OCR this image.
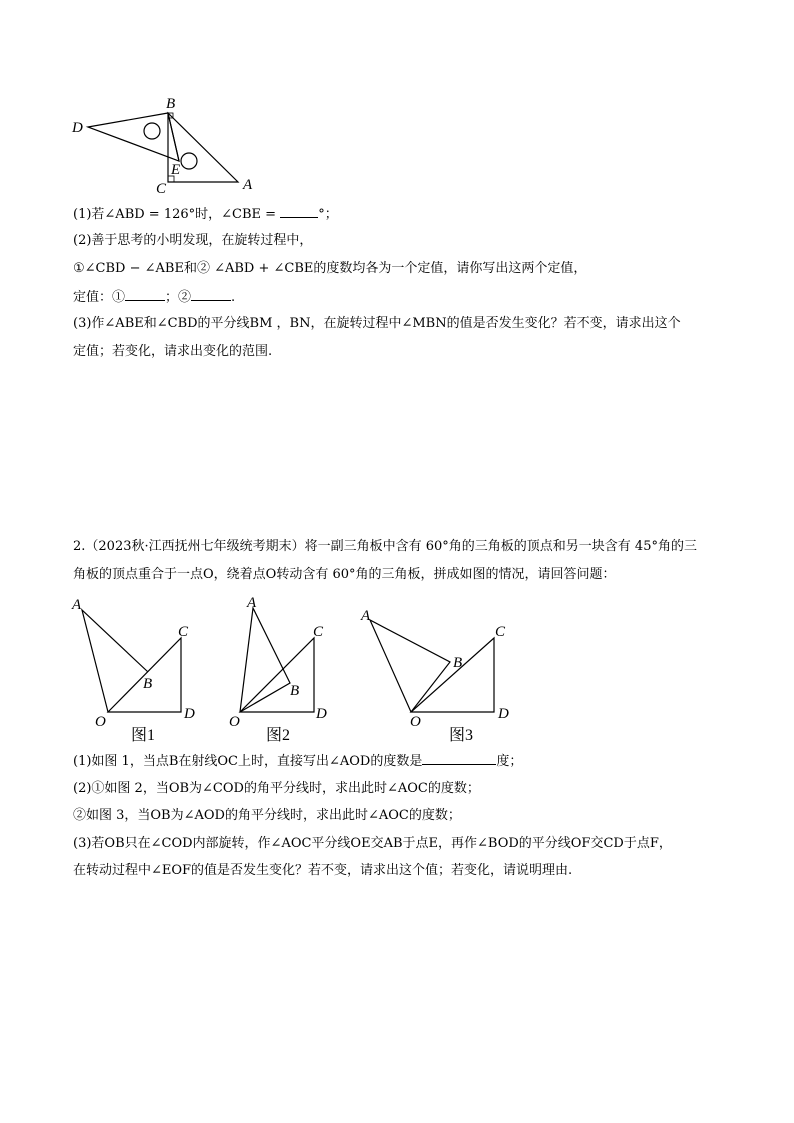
B
D
E
C	A
(1)若∠ABD = 126°时，∠CBE =	°；
(2)善于思考的小明发现，在旋转过程中，
①∠CBD − ∠ABE和② ∠ABD + ∠CBE的度数均各为一个定值，请你写出这两个定值，
定值：①	；②	.
(3)作∠ABE和∠CBD的平分线BM ，BN，在旋转过程中∠MBN的值是否发生变化？若不变，请求出这个
定值；若变化，请求出变化的范围.
2.（2023秋·江西抚州七年级统考期末）将一副三角板中含有 60°角的三角板的顶点和另一块含有 45°角的三
角板的顶点重合于一点O，绕着点O转动含有 60°角的三角板，拼成如图的情况，请回答问题：
A
C
B
O	D
图1
A
C
B
O	D
图2
A
C
B
O	D
图3
(1)如图 1，当点B在射线OC上时，直接写出∠AOD的度数是	度；
(2)①如图 2，当OB为∠COD的角平分线时，求出此时∠AOC的度数；
②如图 3，当OB为∠AOD的角平分线时，求出此时∠AOC的度数；
(3)若OB只在∠COD内部旋转，作∠AOC平分线OE交AB于点E，再作∠BOD的平分线OF交CD于点F，
在转动过程中∠EOF的值是否发生变化？若不变，请求出这个值；若变化，请说明理由.
